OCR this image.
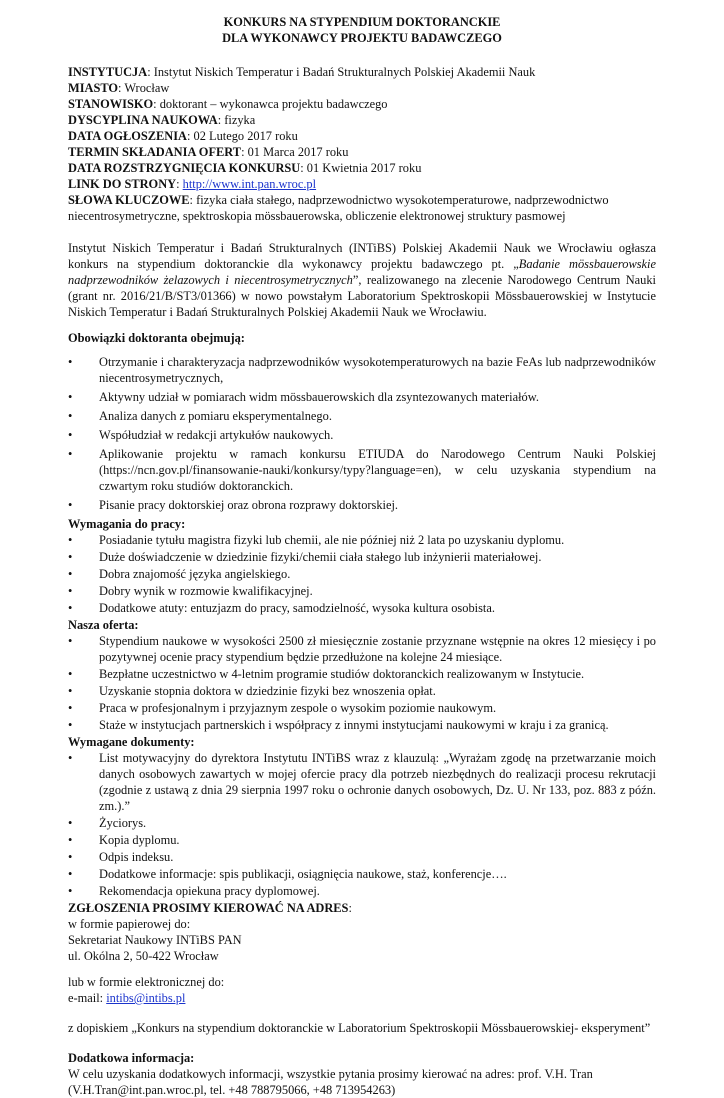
KONKURS NA STYPENDIUM DOKTORANCKIE

DLA WYKONAWCY PROJEKTU BADAWCZEGO

INSTYTUCJA: Instytut Niskich Temperatur i Badań Strukturalnych Polskiej Akademii Nauk

MIASTO: Wrocław

STANOWISKO: doktorant – wykonawca projektu badawczego

DYSCYPLINA NAUKOWA: fizyka

DATA OGŁOSZENIA: 02 Lutego 2017 roku

TERMIN SKŁADANIA OFERT: 01 Marca 2017 roku

DATA ROZSTRZYGNIĘCIA KONKURSU: 01 Kwietnia 2017 roku

LINK DO STRONY: http://www.int.pan.wroc.pl

SŁOWA KLUCZOWE: fizyka ciała stałego, nadprzewodnictwo wysokotemperaturowe, nadprzewodnictwo niecentrosymetryczne, spektroskopia mössbauerowska, obliczenie elektronowej struktury pasmowej

Instytut Niskich Temperatur i Badań Strukturalnych (INTiBS) Polskiej Akademii Nauk we Wrocławiu ogłasza konkurs na stypendium doktoranckie dla wykonawcy projektu badawczego pt. „Badanie mössbauerowskie nadprzewodników żelazowych i niecentrosymetrycznych”, realizowanego na zlecenie Narodowego Centrum Nauki (grant nr. 2016/21/B/ST3/01366) w nowo powstałym Laboratorium Spektroskopii Mössbauerowskiej w Instytucie Niskich Temperatur i Badań Strukturalnych Polskiej Akademii Nauk we Wrocławiu.

Obowiązki doktoranta obejmują:

• Otrzymanie i charakteryzacja nadprzewodników wysokotemperaturowych na bazie FeAs lub nadprzewodników niecentrosymetrycznych,
• Aktywny udział w pomiarach widm mössbauerowskich dla zsyntezowanych materiałów.
• Analiza danych z pomiaru eksperymentalnego.
• Współudział w redakcji artykułów naukowych.
• Aplikowanie projektu w ramach konkursu ETIUDA do Narodowego Centrum Nauki Polskiej (https://ncn.gov.pl/finansowanie-nauki/konkursy/typy?language=en), w celu uzyskania stypendium na czwartym roku studiów doktoranckich.
• Pisanie pracy doktorskiej oraz obrona rozprawy doktorskiej.

Wymagania do pracy:

• Posiadanie tytułu magistra fizyki lub chemii, ale nie później niż 2 lata po uzyskaniu dyplomu.
• Duże doświadczenie w dziedzinie fizyki/chemii ciała stałego lub inżynierii materiałowej.
• Dobra znajomość języka angielskiego.
• Dobry wynik w rozmowie kwalifikacyjnej.
• Dodatkowe atuty: entuzjazm do pracy, samodzielność, wysoka kultura osobista.

Nasza oferta:

• Stypendium naukowe w wysokości 2500 zł miesięcznie zostanie przyznane wstępnie na okres 12 miesięcy i po pozytywnej ocenie pracy stypendium będzie przedłużone na kolejne 24 miesiące.
• Bezpłatne uczestnictwo w 4-letnim programie studiów doktoranckich realizowanym w Instytucie.
• Uzyskanie stopnia doktora w dziedzinie fizyki bez wnoszenia opłat.
• Praca w profesjonalnym i przyjaznym zespole o wysokim poziomie naukowym.
• Staże w instytucjach partnerskich i współpracy z innymi instytucjami naukowymi w kraju i za granicą.

Wymagane dokumenty:

• List motywacyjny do dyrektora Instytutu INTiBS wraz z klauzulą: „Wyrażam zgodę na przetwarzanie moich danych osobowych zawartych w mojej ofercie pracy dla potrzeb niezbędnych do realizacji procesu rekrutacji (zgodnie z ustawą z dnia 29 sierpnia 1997 roku o ochronie danych osobowych, Dz. U. Nr 133, poz. 883 z późn. zm.).”
• Życiorys.
• Kopia dyplomu.
• Odpis indeksu.
• Dodatkowe informacje: spis publikacji, osiągnięcia naukowe, staż, konferencje….
• Rekomendacja opiekuna pracy dyplomowej.

ZGŁOSZENIA PROSIMY KIEROWAĆ NA ADRES:

w formie papierowej do:

Sekretariat Naukowy INTiBS PAN

ul. Okólna 2, 50-422 Wrocław

lub w formie elektronicznej do:

e-mail: intibs@intibs.pl

z dopiskiem „Konkurs na stypendium doktoranckie w Laboratorium Spektroskopii Mössbauerowskiej- eksperyment”

Dodatkowa informacja:

W celu uzyskania dodatkowych informacji, wszystkie pytania prosimy kierować na adres: prof. V.H. Tran (V.H.Tran@int.pan.wroc.pl, tel. +48 788795066, +48 713954263)
